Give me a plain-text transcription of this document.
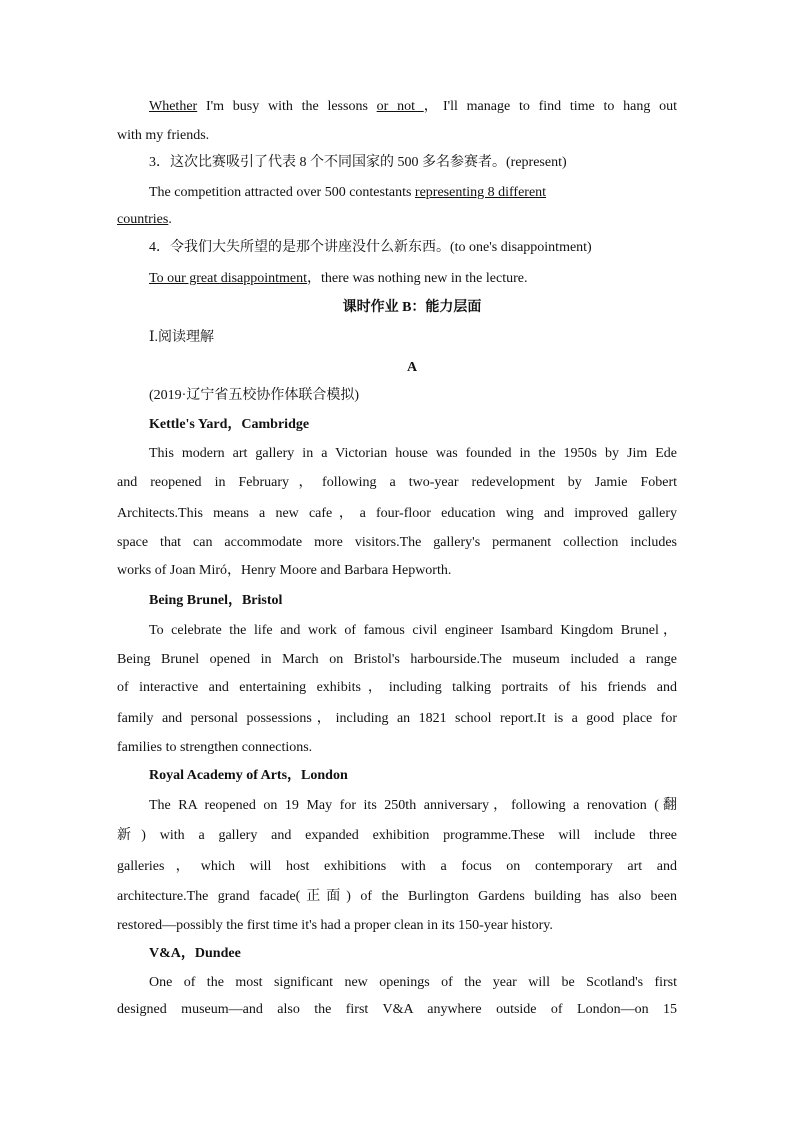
Whether I'm busy with the lessons or not ，I'll manage to find time to hang out
with my friends.
3．这次比赛吸引了代表 8 个不同国家的 500 多名参赛者。(represent)
The competition attracted over 500 contestants representing 8 different
countries.
4．令我们大失所望的是那个讲座没什么新东西。(to one's disappointment)
To our great disappointment，there was nothing new in the lecture.
课时作业 B：能力层面
Ⅰ.阅读理解
A
(2019·辽宁省五校协作体联合模拟)
Kettle's Yard，Cambridge
This modern art gallery in a Victorian house was founded in the 1950s by Jim Ede
and reopened in February，following a two-year redevelopment by Jamie Fobert
Architects.This means a new cafe，a four-floor education wing and improved gallery
space that can accommodate more visitors.The gallery's permanent collection includes
works of Joan Miró，Henry Moore and Barbara Hepworth.
Being Brunel，Bristol
To celebrate the life and work of famous civil engineer Isambard Kingdom Brunel，
Being Brunel opened in March on Bristol's harbourside.The museum included a range
of interactive and entertaining exhibits，including talking portraits of his friends and
family and personal possessions，including an 1821 school report.It is a good place for
families to strengthen connections.
Royal Academy of Arts，London
The RA reopened on 19 May for its 250th anniversary，following a renovation (翻
新) with a gallery and expanded exhibition programme.These will include three
galleries，which will host exhibitions with a focus on contemporary art and
architecture.The grand facade(正面) of the Burlington Gardens building has also been
restored—possibly the first time it's had a proper clean in its 150-year history.
V&A，Dundee
One of the most significant new openings of the year will be Scotland's first
designed museum—and also the first V&A anywhere outside of London—on 15
